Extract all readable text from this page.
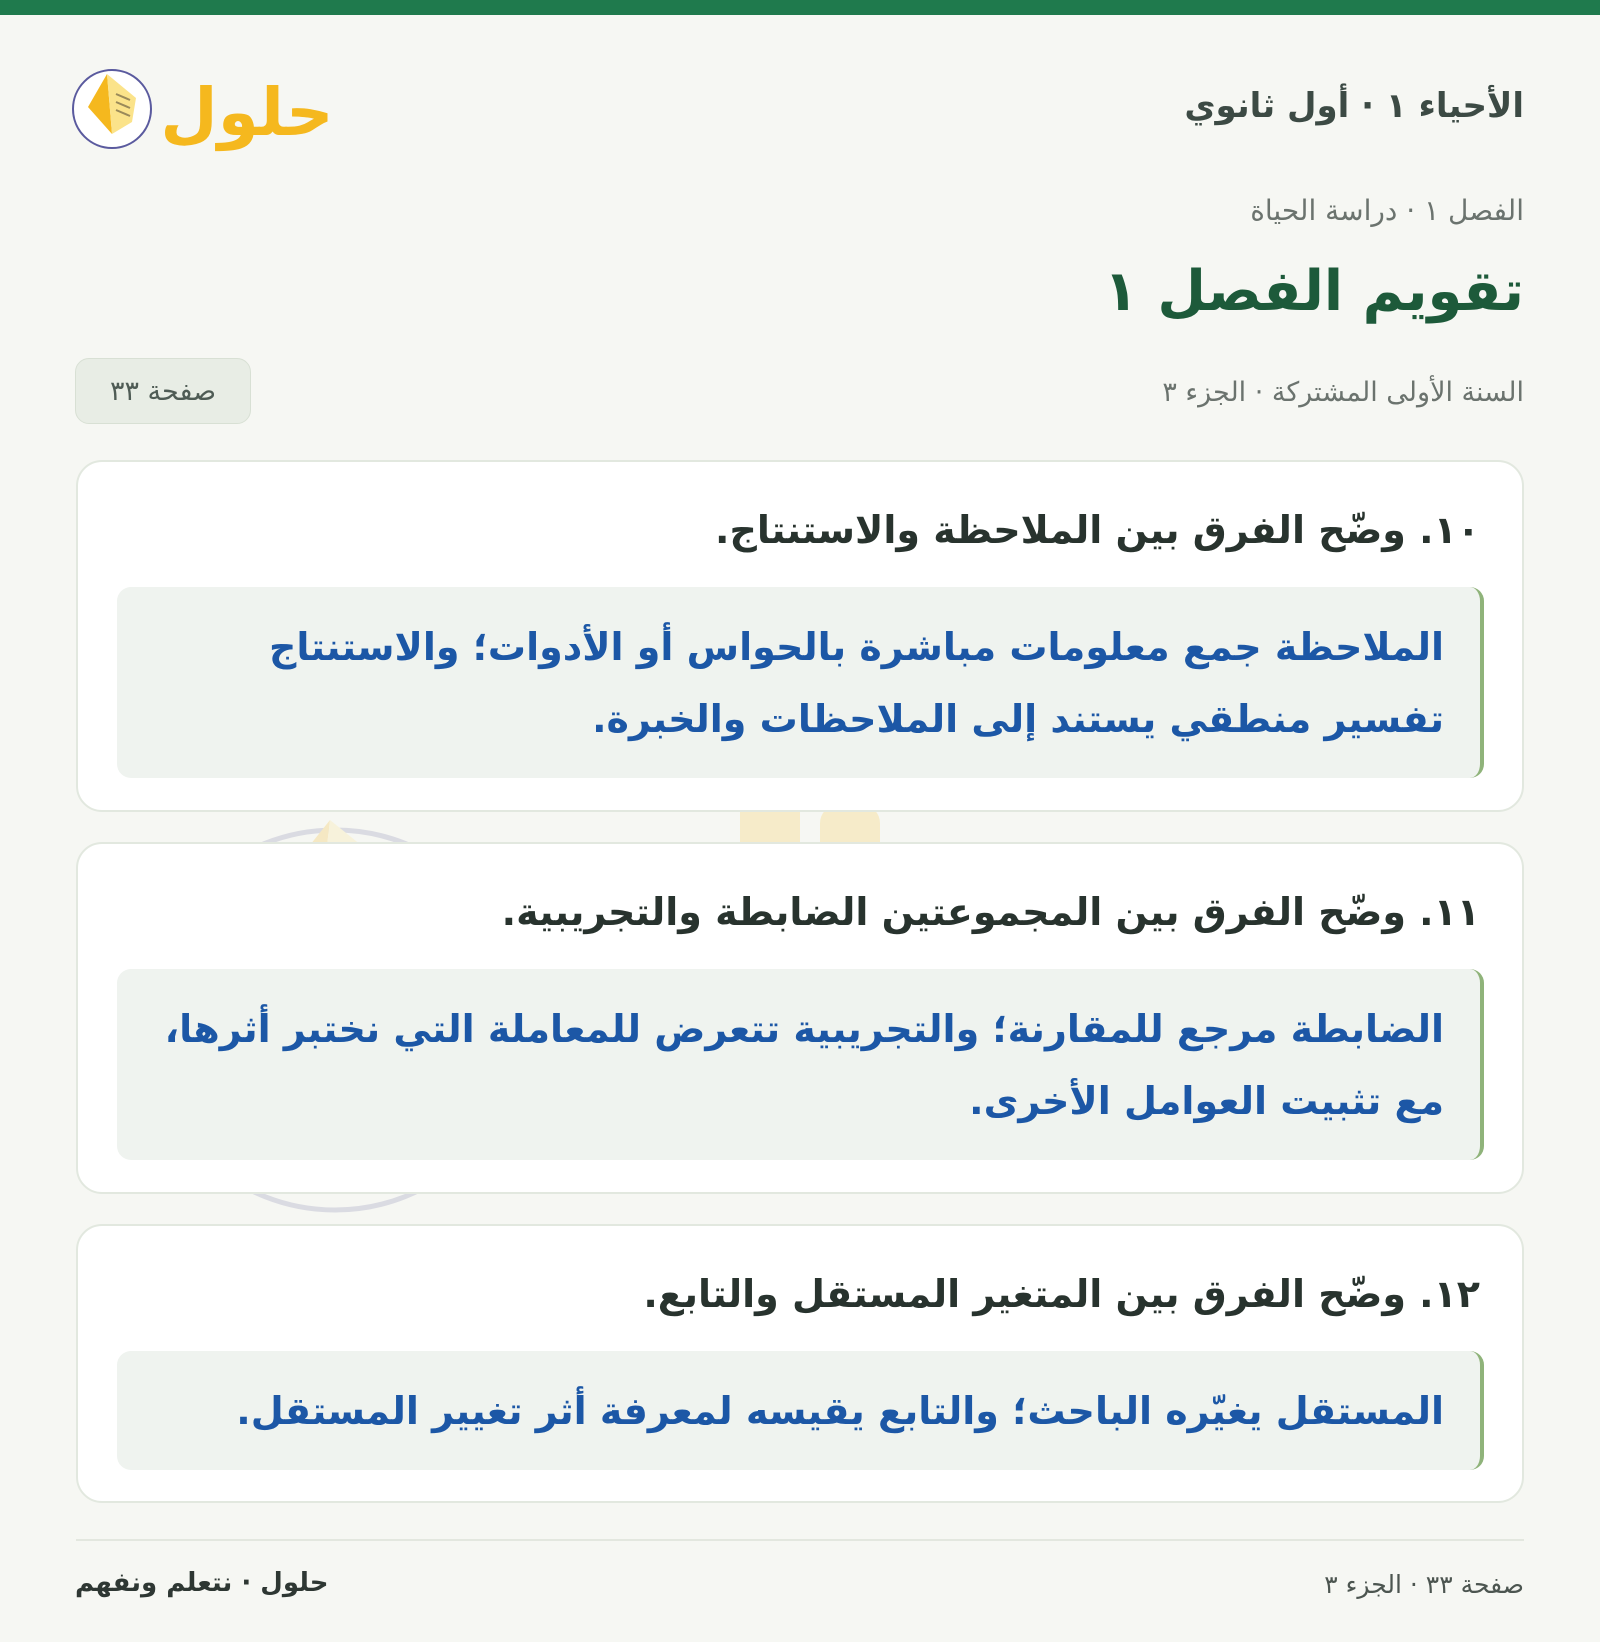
حلول	الأحياء ١ · أول ثانوي
الفصل ١ · دراسة الحياة
تقويم الفصل ١
السنة الأولى المشتركة · الجزء ٣
صفحة ٣٣
١٠. وضّح الفرق بين الملاحظة والاستنتاج.
الملاحظة جمع معلومات مباشرة بالحواس أو الأدوات؛ والاستنتاج تفسير منطقي يستند إلى الملاحظات والخبرة.
١١. وضّح الفرق بين المجموعتين الضابطة والتجريبية.
الضابطة مرجع للمقارنة؛ والتجريبية تتعرض للمعاملة التي نختبر أثرها، مع تثبيت العوامل الأخرى.
١٢. وضّح الفرق بين المتغير المستقل والتابع.
المستقل يغيّره الباحث؛ والتابع يقيسه لمعرفة أثر تغيير المستقل.
حلول · نتعلم ونفهم	صفحة ٣٣ · الجزء ٣
